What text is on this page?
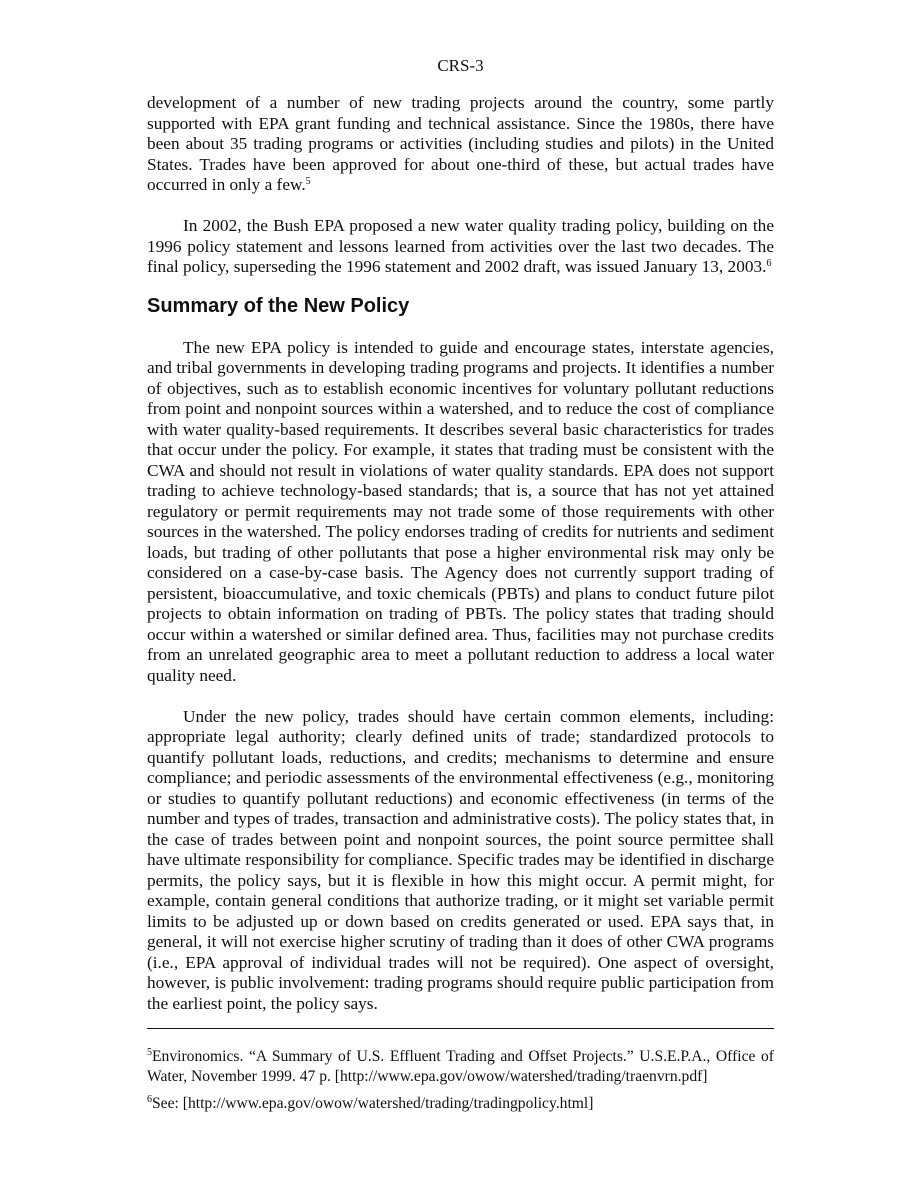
CRS-3

development of a number of new trading projects around the country, some partly supported with EPA grant funding and technical assistance. Since the 1980s, there have been about 35 trading programs or activities (including studies and pilots) in the United States. Trades have been approved for about one-third of these, but actual trades have occurred in only a few.$^5$

In 2002, the Bush EPA proposed a new water quality trading policy, building on the 1996 policy statement and lessons learned from activities over the last two decades. The final policy, superseding the 1996 statement and 2002 draft, was issued January 13, 2003.$^6$

Summary of the New Policy

The new EPA policy is intended to guide and encourage states, interstate agencies, and tribal governments in developing trading programs and projects. It identifies a number of objectives, such as to establish economic incentives for voluntary pollutant reductions from point and nonpoint sources within a watershed, and to reduce the cost of compliance with water quality-based requirements. It describes several basic characteristics for trades that occur under the policy. For example, it states that trading must be consistent with the CWA and should not result in violations of water quality standards. EPA does not support trading to achieve technology-based standards; that is, a source that has not yet attained regulatory or permit requirements may not trade some of those requirements with other sources in the watershed. The policy endorses trading of credits for nutrients and sediment loads, but trading of other pollutants that pose a higher environmental risk may only be considered on a case-by-case basis. The Agency does not currently support trading of persistent, bioaccumulative, and toxic chemicals (PBTs) and plans to conduct future pilot projects to obtain information on trading of PBTs. The policy states that trading should occur within a watershed or similar defined area. Thus, facilities may not purchase credits from an unrelated geographic area to meet a pollutant reduction to address a local water quality need.

Under the new policy, trades should have certain common elements, including: appropriate legal authority; clearly defined units of trade; standardized protocols to quantify pollutant loads, reductions, and credits; mechanisms to determine and ensure compliance; and periodic assessments of the environmental effectiveness (e.g., monitoring or studies to quantify pollutant reductions) and economic effectiveness (in terms of the number and types of trades, transaction and administrative costs). The policy states that, in the case of trades between point and nonpoint sources, the point source permittee shall have ultimate responsibility for compliance. Specific trades may be identified in discharge permits, the policy says, but it is flexible in how this might occur. A permit might, for example, contain general conditions that authorize trading, or it might set variable permit limits to be adjusted up or down based on credits generated or used. EPA says that, in general, it will not exercise higher scrutiny of trading than it does of other CWA programs (i.e., EPA approval of individual trades will not be required). One aspect of oversight, however, is public involvement: trading programs should require public participation from the earliest point, the policy says.

$^5$Environomics. “A Summary of U.S. Effluent Trading and Offset Projects.” U.S.E.P.A., Office of Water, November 1999. 47 p. [http://www.epa.gov/owow/watershed/trading/traenvrn.pdf]

$^6$See: [http://www.epa.gov/owow/watershed/trading/tradingpolicy.html]
